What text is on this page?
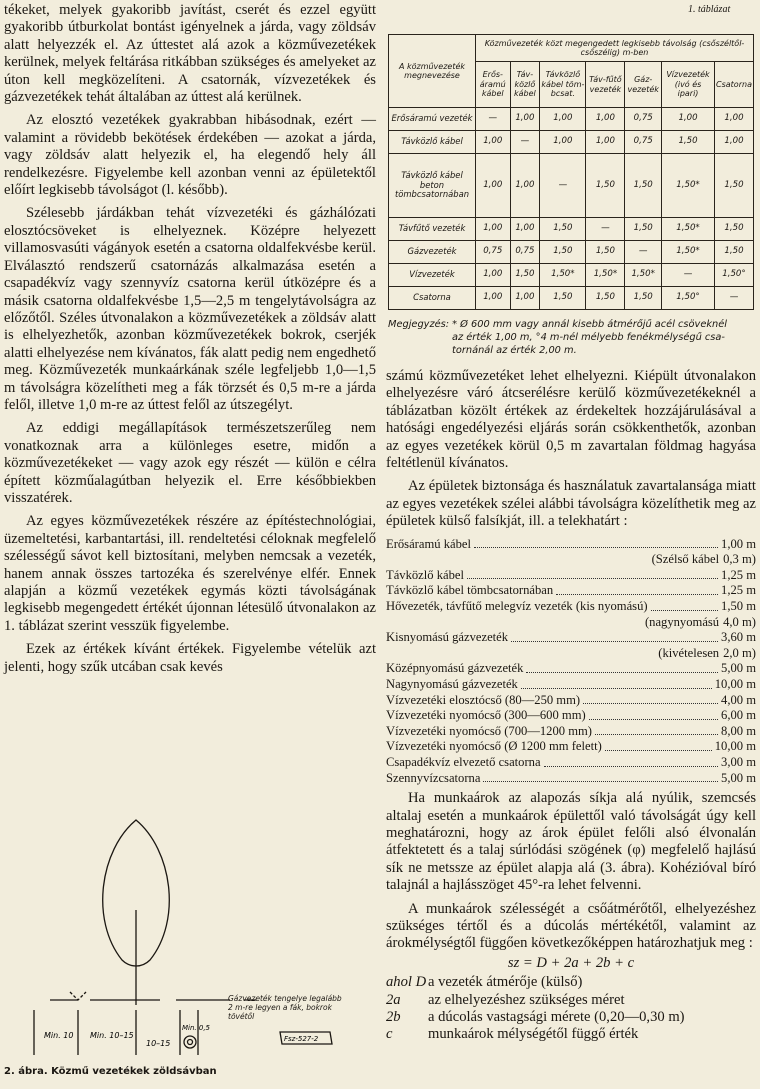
tékeket, melyek gyakoribb javítást, cserét és ezzel együtt gyakoribb útburkolat bontást igényelnek a járda, vagy zöldsáv alatt helyezzék el. Az úttestet alá azok a közművezetékek kerülnek, melyek feltárása ritkábban szükséges és amelyeket az úton kell megközelíteni. A csatornák, vízvezetékek és gázvezetékek tehát általában az úttest alá kerülnek.

Az elosztó vezetékek gyakrabban hibásodnak, ezért — valamint a rövidebb bekötések érdekében — azokat a járda, vagy zöldsáv alatt helyezik el, ha elegendő hely áll rendelkezésre. Figyelembe kell azonban venni az épületektől előírt legkisebb távolságot (l. később).

Szélesebb járdákban tehát vízvezetéki és gázhálózati elosztócsöveket is elhelyeznek. Középre helyezett villamosvasúti vágányok esetén a csatorna oldalfekvésbe kerül. Elválasztó rendszerű csatornázás alkalmazása esetén a csapadékvíz vagy szennyvíz csatorna kerül útközépre és a másik csatorna oldalfekvésbe 1,5—2,5 m tengelytávolságra az előzőtől. Széles útvonalakon a közművezetékek a zöldsáv alatt is elhelyezhetők, azonban közművezetékek bokrok, cserjék alatti elhelyezése nem kívánatos, fák alatt pedig nem engedhető meg. Közművezeték munkaárkának széle legfeljebb 1,0—1,5 m távolságra közelítheti meg a fák törzsét és 0,5 m-re a járda felől, illetve 1,0 m-re az úttest felől az útszegélyt.

Az eddigi megállapítások természetszerűleg nem vonatkoznak arra a különleges esetre, midőn a közművezetékeket — vagy azok egy részét — külön e célra épített közműalagútban helyezik el. Erre későbbiekben visszatérek.

Az egyes közművezetékek részére az építéstechnológiai, üzemeltetési, karbantartási, ill. rendeltetési céloknak megfelelő szélességű sávot kell biztosítani, melyben nemcsak a vezeték, hanem annak összes tartozéka és szerelvénye elfér. Ennek alapján a közmű vezetékek egymás közti távolságának legkisebb megengedett értékét újonnan létesülő útvonalakon az 1. táblázat szerint vesszük figyelembe.

Ezek az értékek kívánt értékek. Figyelembe vételük azt jelenti, hogy szűk utcában csak kevés

1. táblázat
A közművezeték megnevezése	Közművezeték közt megengedett legkisebb távolság (csőszéltől-csőszélig) m-ben						
	Erős-áramú kábel	Táv-közlő kábel	Távközlő kábel töm-bcsat.	Táv-fűtő vezeték	Gáz-vezeték	Vízvezeték (ivó és ipari)	Csatorna
Erősáramú vezeték	—	1,00	1,00	1,00	0,75	1,00	1,00
Távközlő kábel	1,00	—	1,00	1,00	0,75	1,50	1,00
Távközlő kábel beton tömbcsatornában	1,00	1,00	—	1,50	1,50	1,50*	1,50
Távfűtő vezeték	1,00	1,00	1,50	—	1,50	1,50*	1,50
Gázvezeték	0,75	0,75	1,50	1,50	—	1,50*	1,50
Vízvezeték	1,00	1,50	1,50*	1,50*	1,50*	—	1,50°
Csatorna	1,00	1,00	1,50	1,50	1,50	1,50°	—
Megjegyzés: * Ø 600 mm vagy annál kisebb átmérőjű acél csöveknél
az érték 1,00 m, °4 m-nél mélyebb fenékmélységű csa-
tornánál az érték 2,00 m.

számú közművezetéket lehet elhelyezni. Kiépült útvonalakon elhelyezésre váró átcserélésre kerülő közművezetékeknél a táblázatban közölt értékek az érdekeltek hozzájárulásával a hatósági engedélyezési eljárás során csökkenthetők, azonban az egyes vezetékek körül 0,5 m zavartalan földmag hagyása feltétlenül kívánatos.

Az épületek biztonsága és használatuk zavartalansága miatt az egyes vezetékek szélei alábbi távolságra közelíthetik meg az épületek külső falsíkját, ill. a telekhatárt :

Erősáramú kábel	1,00 m
(Szélső kábel 0,3 m)
Távközlő kábel	1,25 m
Távközlő kábel tömbcsatornában	1,25 m
Hővezeték, távfűtő melegvíz vezeték (kis nyomású)	1,50 m
(nagynyomású 4,0 m)
Kisnyomású gázvezeték	3,60 m
(kivételesen 2,0 m)
Középnyomású gázvezeték	5,00 m
Nagynyomású gázvezeték	10,00 m
Vízvezetéki elosztócső (80—250 mm)	4,00 m
Vízvezetéki nyomócső (300—600 mm)	6,00 m
Vízvezetéki nyomócső (700—1200 mm)	8,00 m
Vízvezetéki nyomócső (Ø 1200 mm felett)	10,00 m
Csapadékvíz elvezető csatorna	3,00 m
Szennyvízcsatorna	5,00 m

Ha munkaárok az alapozás síkja alá nyúlik, szemcsés altalaj esetén a munkaárok épülettől való távolságát úgy kell meghatározni, hogy az árok épület felőli alsó élvonalán átfektetett és a talaj súrlódási szögének (φ) megfelelő hajlású sík ne metssze az épület alapja alá (3. ábra). Kohézióval bíró talajnál a hajlásszöget 45°-ra lehet felvenni.

A munkaárok szélességét a csőátmérőtől, elhelyezéshez szükséges tértől és a dúcolás mértékétől, valamint az árokmélységtől függően következőképpen határozhatjuk meg :

sz = D + 2a + 2b + c
ahol D a vezeték átmérője (külső)
2a	az elhelyezéshez szükséges méret
2b	a dúcolás vastagsági mérete (0,20—0,30 m)
c	munkaárok mélységétől függő érték
Min. 10 Min. 10–15
10–15
Min. 0,5
Gázvezeték tengelye legalább 2 m-re legyen a fák, bokrok tövétől
Fsz-527-2
2. ábra. Közmű vezetékek zöldsávban
